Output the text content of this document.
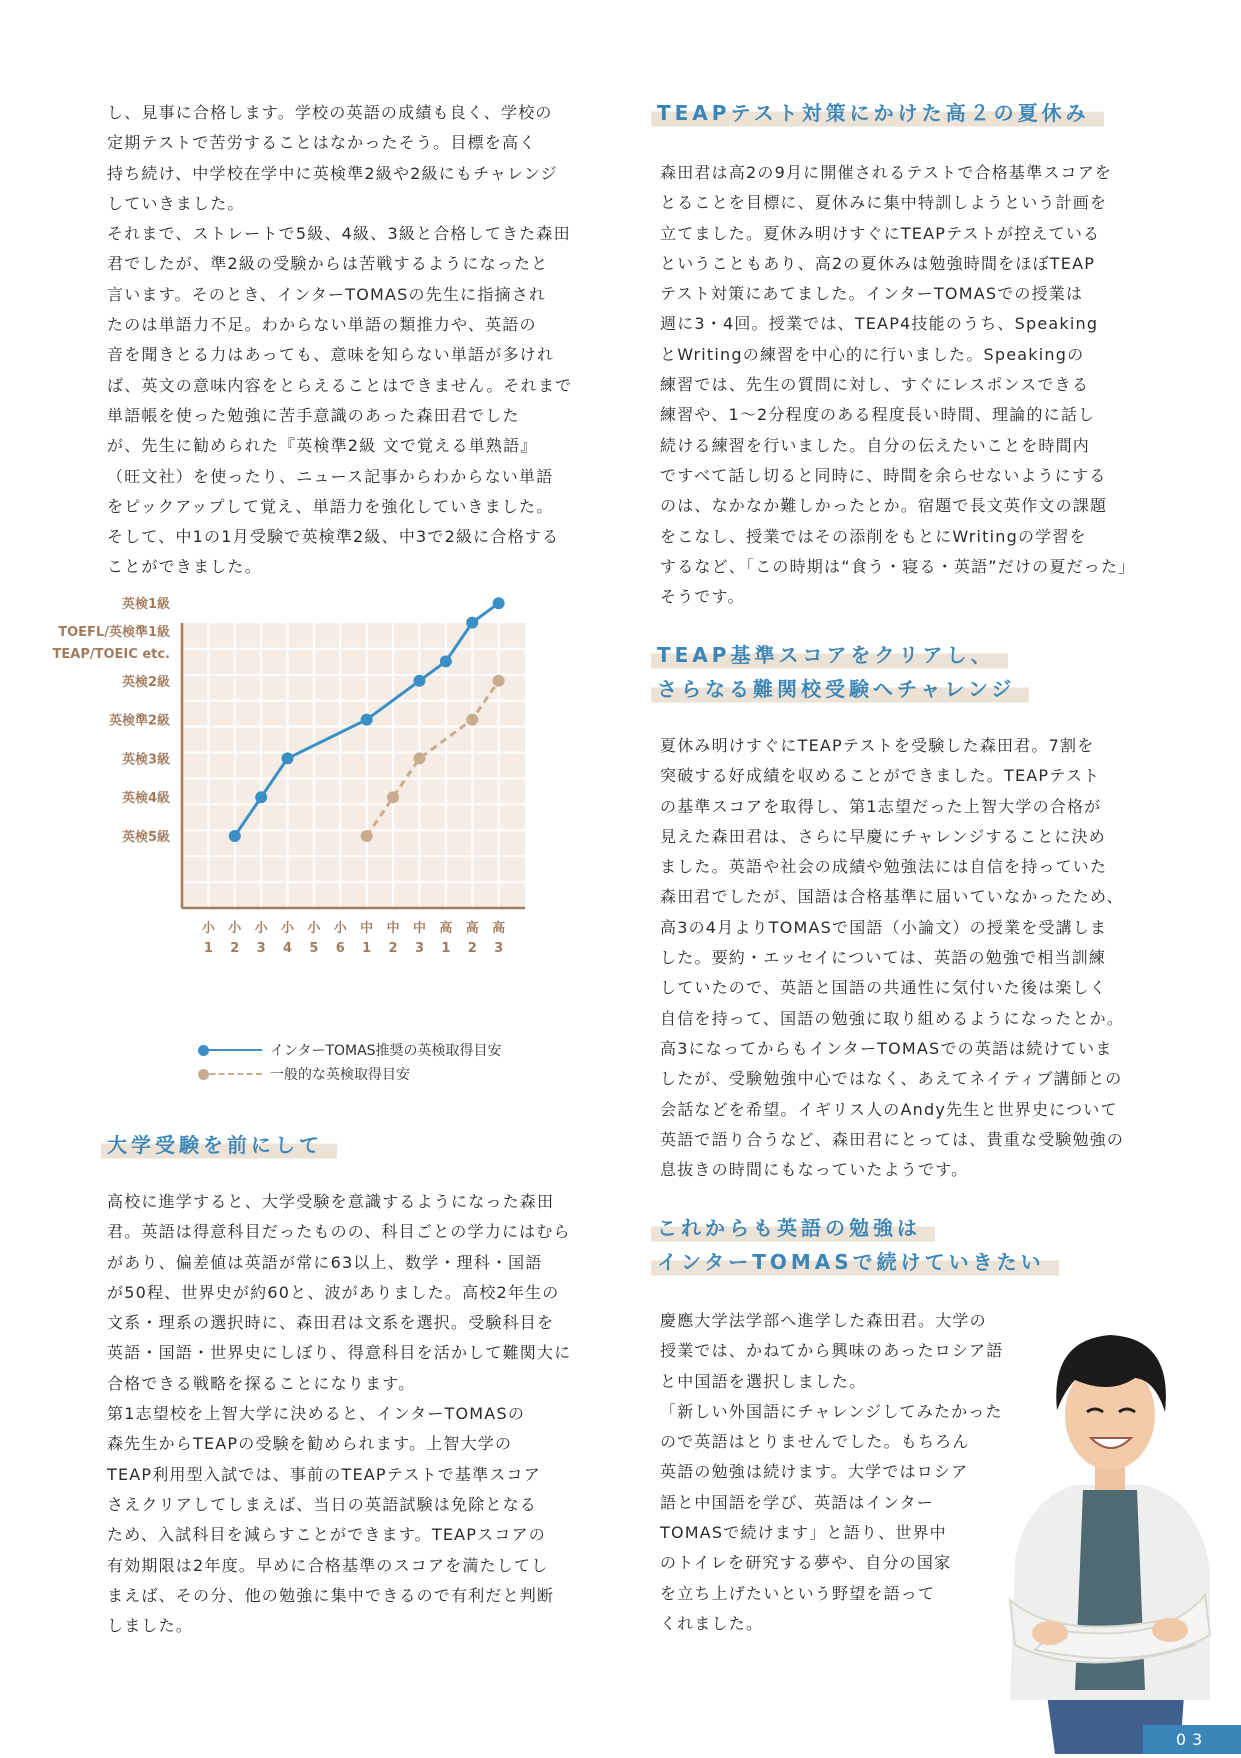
し、見事に合格します。学校の英語の成績も良く、学校の

定期テストで苦労することはなかったそう。目標を高く

持ち続け、中学校在学中に英検準2級や2級にもチャレンジ

していきました。

それまで、ストレートで5級、4級、3級と合格してきた森田

君でしたが、準2級の受験からは苦戦するようになったと

言います。そのとき、インターTOMASの先生に指摘され

たのは単語力不足。わからない単語の類推力や、英語の

音を聞きとる力はあっても、意味を知らない単語が多けれ

ば、英文の意味内容をとらえることはできません。それまで

単語帳を使った勉強に苦手意識のあった森田君でした

が、先生に勧められた『英検準2級 文で覚える単熟語』

（旺文社）を使ったり、ニュース記事からわからない単語

をピックアップして覚え、単語力を強化していきました。

そして、中1の1月受験で英検準2級、中3で2級に合格する

ことができました。

英検1級
TOEFL/英検準1級
TEAP/TOEIC etc.
英検2級
英検準2級
英検3級
英検4級
英検5級
小
1
小
2
小
3
小
4
小
5
小
6
中
1
中
2
中
3
高
1
高
2
高
3
インターTOMAS推奨の英検取得目安
一般的な英検取得目安
大学受験を前にして

高校に進学すると、大学受験を意識するようになった森田

君。英語は得意科目だったものの、科目ごとの学力にはむら

があり、偏差値は英語が常に63以上、数学・理科・国語

が50程、世界史が約60と、波がありました。高校2年生の

文系・理系の選択時に、森田君は文系を選択。受験科目を

英語・国語・世界史にしぼり、得意科目を活かして難関大に

合格できる戦略を探ることになります。

第1志望校を上智大学に決めると、インターTOMASの

森先生からTEAPの受験を勧められます。上智大学の

TEAP利用型入試では、事前のTEAPテストで基準スコア

さえクリアしてしまえば、当日の英語試験は免除となる

ため、入試科目を減らすことができます。TEAPスコアの

有効期限は2年度。早めに合格基準のスコアを満たしてし

まえば、その分、他の勉強に集中できるので有利だと判断

しました。

TEAPテスト対策にかけた高２の夏休み

森田君は高2の9月に開催されるテストで合格基準スコアを

とることを目標に、夏休みに集中特訓しようという計画を

立てました。夏休み明けすぐにTEAPテストが控えている

ということもあり、高2の夏休みは勉強時間をほぼTEAP

テスト対策にあてました。インターTOMASでの授業は

週に3・4回。授業では、TEAP4技能のうち、Speaking

とWritingの練習を中心的に行いました。Speakingの

練習では、先生の質問に対し、すぐにレスポンスできる

練習や、1〜2分程度のある程度長い時間、理論的に話し

続ける練習を行いました。自分の伝えたいことを時間内

ですべて話し切ると同時に、時間を余らせないようにする

のは、なかなか難しかったとか。宿題で長文英作文の課題

をこなし、授業ではその添削をもとにWritingの学習を

するなど、「この時期は“食う・寝る・英語”だけの夏だった」

そうです。

TEAP基準スコアをクリアし、
さらなる難関校受験へチャレンジ

夏休み明けすぐにTEAPテストを受験した森田君。7割を

突破する好成績を収めることができました。TEAPテスト

の基準スコアを取得し、第1志望だった上智大学の合格が

見えた森田君は、さらに早慶にチャレンジすることに決め

ました。英語や社会の成績や勉強法には自信を持っていた

森田君でしたが、国語は合格基準に届いていなかったため、

高3の4月よりTOMASで国語（小論文）の授業を受講しま

した。要約・エッセイについては、英語の勉強で相当訓練

していたので、英語と国語の共通性に気付いた後は楽しく

自信を持って、国語の勉強に取り組めるようになったとか。

高3になってからもインターTOMASでの英語は続けていま

したが、受験勉強中心ではなく、あえてネイティブ講師との

会話などを希望。イギリス人のAndy先生と世界史について

英語で語り合うなど、森田君にとっては、貴重な受験勉強の

息抜きの時間にもなっていたようです。

これからも英語の勉強は
インターTOMASで続けていきたい

慶應大学法学部へ進学した森田君。大学の

授業では、かねてから興味のあったロシア語

と中国語を選択しました。

「新しい外国語にチャレンジしてみたかった

ので英語はとりませんでした。もちろん

英語の勉強は続けます。大学ではロシア

語と中国語を学び、英語はインター

TOMASで続けます」と語り、世界中

のトイレを研究する夢や、自分の国家

を立ち上げたいという野望を語って

くれました。

03
